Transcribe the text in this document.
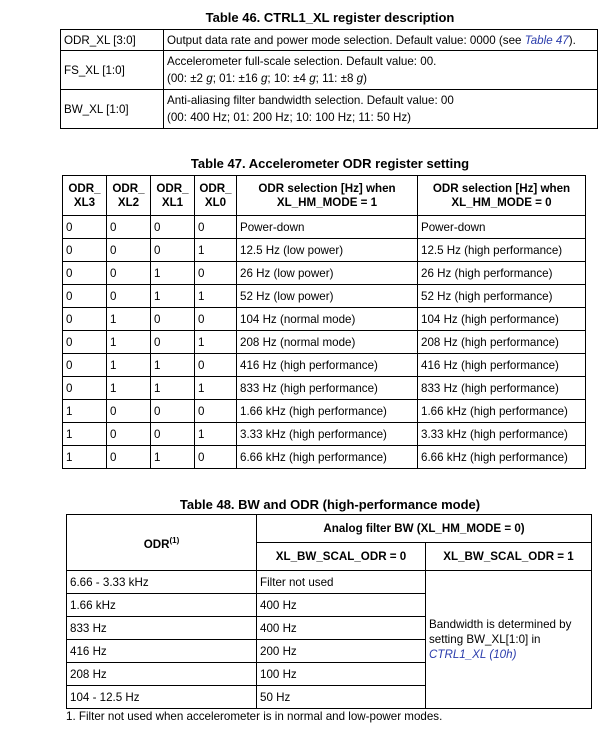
Table 46. CTRL1_XL register description
ODR_XL [3:0]	Output data rate and power mode selection. Default value: 0000 (see Table 47).
FS_XL [1:0]	Accelerometer full-scale selection. Default value: 00.
(00: ±2 g; 01: ±16 g; 10: ±4 g; 11: ±8 g)

BW_XL [1:0]	Anti-aliasing filter bandwidth selection. Default value: 00
(00: 400 Hz; 01: 200 Hz; 10: 100 Hz; 11: 50 Hz)
Table 47. Accelerometer ODR register setting
ODR_ XL3	ODR_ XL2	ODR_ XL1	ODR_ XL0	ODR selection [Hz] when XL_HM_MODE = 1	ODR selection [Hz] when XL_HM_MODE = 0
0	0	0	0	Power-down	Power-down
0	0	0	1	12.5 Hz (low power)	12.5 Hz (high performance)
0	0	1	0	26 Hz (low power)	26 Hz (high performance)
0	0	1	1	52 Hz (low power)	52 Hz (high performance)
0	1	0	0	104 Hz (normal mode)	104 Hz (high performance)
0	1	0	1	208 Hz (normal mode)	208 Hz (high performance)
0	1	1	0	416 Hz (high performance)	416 Hz (high performance)
0	1	1	1	833 Hz (high performance)	833 Hz (high performance)
1	0	0	0	1.66 kHz (high performance)	1.66 kHz (high performance)
1	0	0	1	3.33 kHz (high performance)	3.33 kHz (high performance)
1	0	1	0	6.66 kHz (high performance)	6.66 kHz (high performance)
Table 48. BW and ODR (high-performance mode)
ODR$^{(1)}$	Analog filter BW (XL_HM_MODE = 0)	
	XL_BW_SCAL_ODR = 0	XL_BW_SCAL_ODR = 1
6.66 - 3.33 kHz	Filter not used	Bandwidth is determined by setting BW_XL[1:0] in
CTRL1_XL (10h)
1.66 kHz	400 Hz	
833 Hz	400 Hz	
416 Hz	200 Hz	
208 Hz	100 Hz	
104 - 12.5 Hz	50 Hz	
1. Filter not used when accelerometer is in normal and low-power modes.
